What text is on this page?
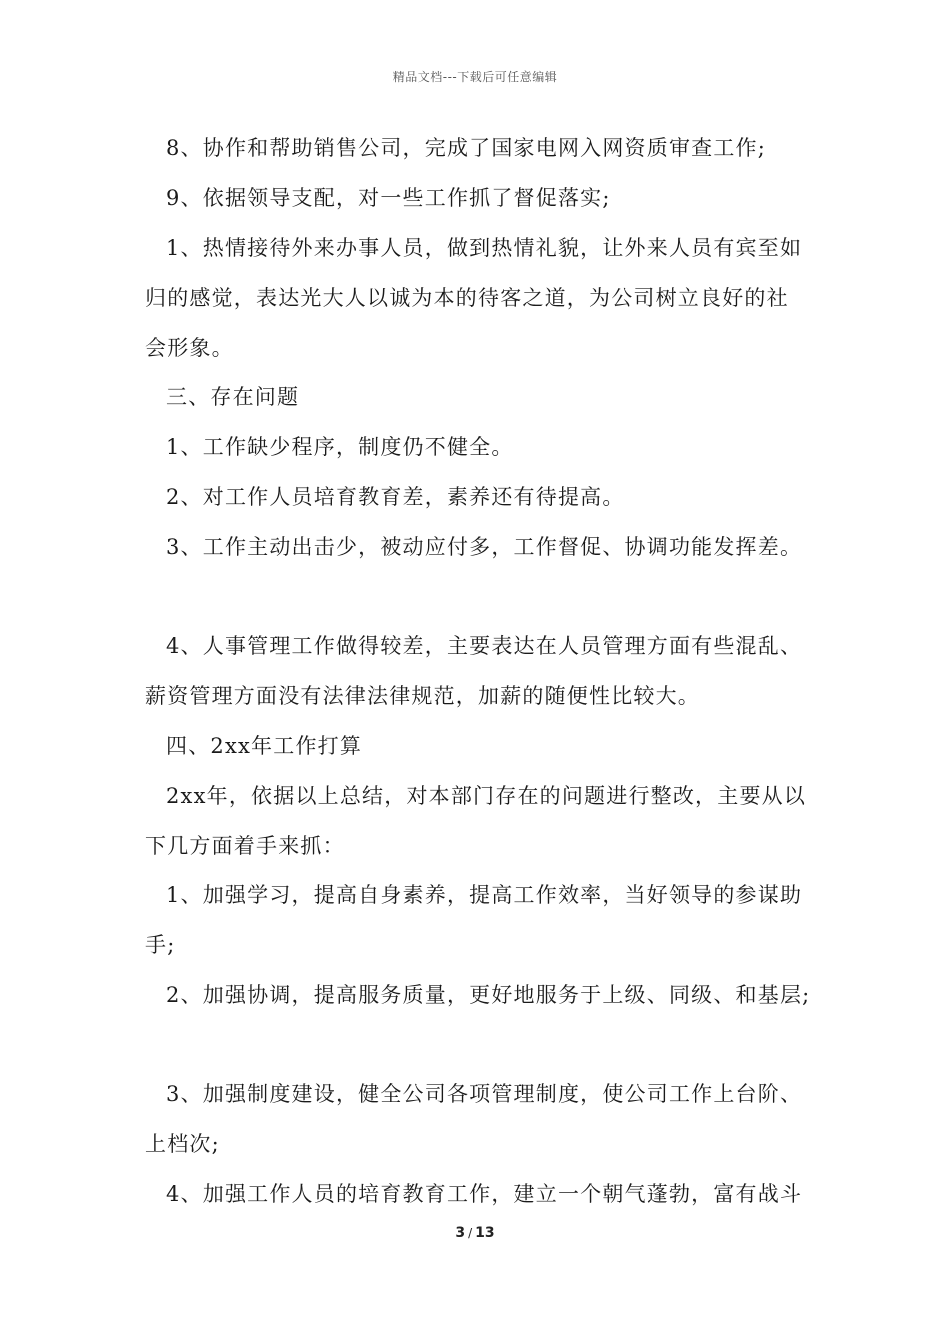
精品文档---下载后可任意编辑
8、协作和帮助销售公司，完成了国家电网入网资质审查工作;
9、依据领导支配，对一些工作抓了督促落实;
1、热情接待外来办事人员，做到热情礼貌，让外来人员有宾至如
归的感觉，表达光大人以诚为本的待客之道，为公司树立良好的社
会形象。
三、存在问题
1、工作缺少程序，制度仍不健全。
2、对工作人员培育教育差，素养还有待提高。
3、工作主动出击少，被动应付多，工作督促、协调功能发挥差。
4、人事管理工作做得较差，主要表达在人员管理方面有些混乱、
薪资管理方面没有法律法律规范，加薪的随便性比较大。
四、2xx年工作打算
2xx年，依据以上总结，对本部门存在的问题进行整改，主要从以
下几方面着手来抓：
1、加强学习，提高自身素养，提高工作效率，当好领导的参谋助
手;
2、加强协调，提高服务质量，更好地服务于上级、同级、和基层;
3、加强制度建设，健全公司各项管理制度，使公司工作上台阶、
上档次;
4、加强工作人员的培育教育工作，建立一个朝气蓬勃，富有战斗
3 / 13
